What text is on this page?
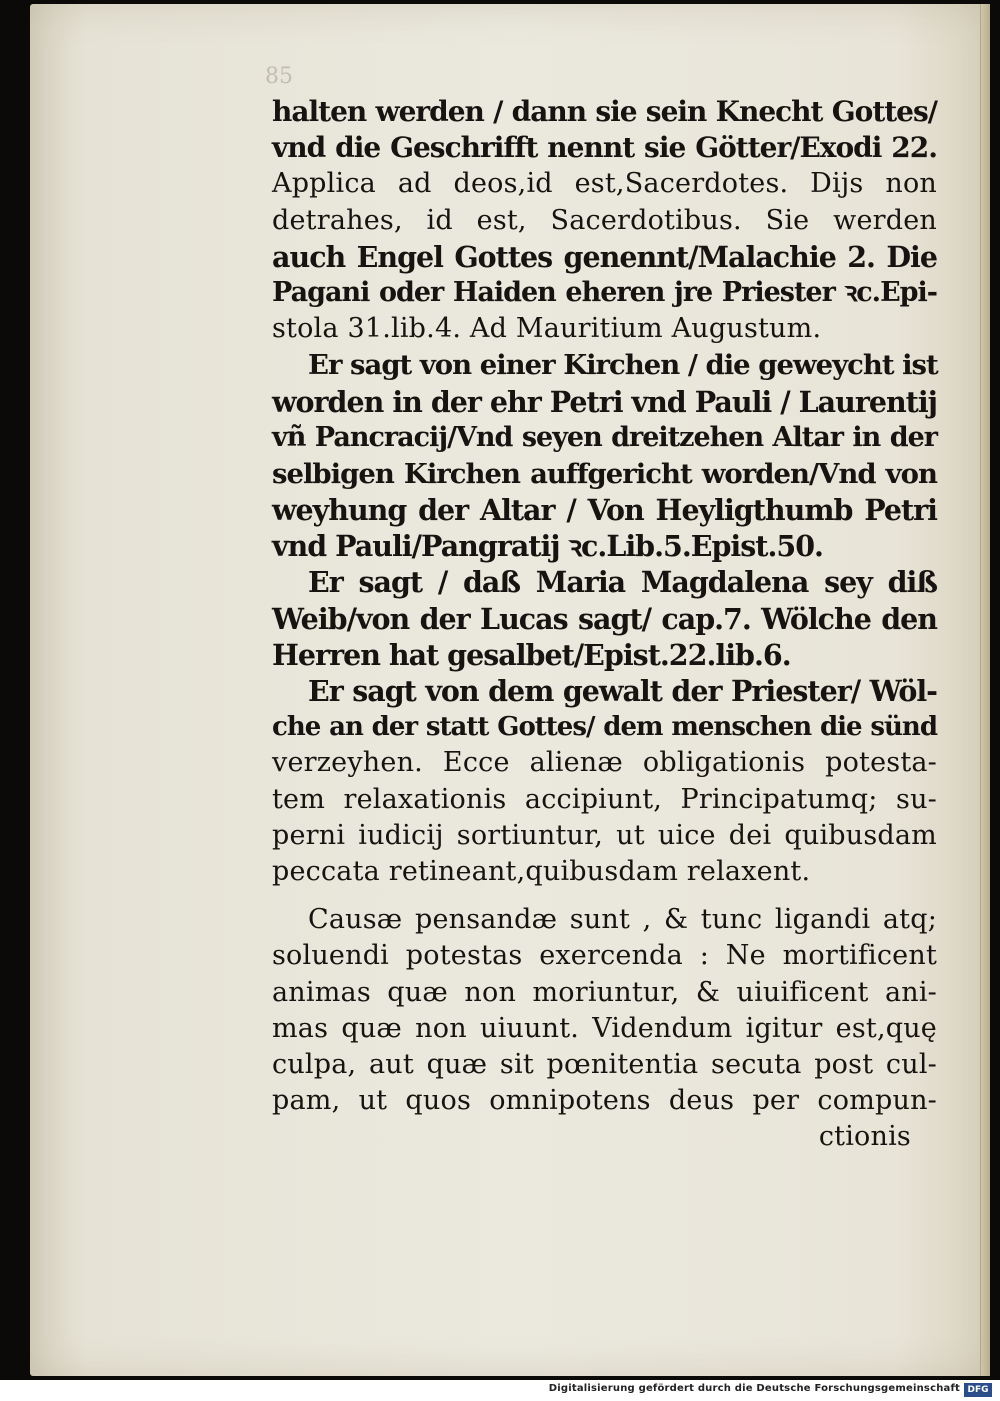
85
halten werden / dann sie sein Knecht Gottes/
vnd die Geschrifft nennt sie Götter/Exodi 22.
Applica ad deos,id est,Sacerdotes. Dijs non
detrahes, id est, Sacerdotibus. Sie werden
auch Engel Gottes genennt/Malachie 2. Die
Pagani oder Haiden eheren jre Priester ꝛc.Epi-
stola 31.lib.4. Ad Mauritium Augustum.
Er sagt von einer Kirchen / die geweycht ist
worden in der ehr Petri vnd Pauli / Laurentij
vñ Pancracij/Vnd seyen dreitzehen Altar in der
selbigen Kirchen auffgericht worden/Vnd von
weyhung der Altar / Von Heyligthumb Petri
vnd Pauli/Pangratij ꝛc.Lib.5.Epist.50.
Er sagt / daß Maria Magdalena sey diß
Weib/von der Lucas sagt/ cap.7. Wölche den
Herren hat gesalbet/Epist.22.lib.6.
Er sagt von dem gewalt der Priester/ Wöl-
che an der statt Gottes/ dem menschen die sünd
verzeyhen. Ecce alienæ obligationis potesta-
tem relaxationis accipiunt, Principatumq; su-
perni iudicij sortiuntur, ut uice dei quibusdam
peccata retineant,quibusdam relaxent.
Causæ pensandæ sunt , & tunc ligandi atq;
soluendi potestas exercenda : Ne mortificent
animas quæ non moriuntur, & uiuificent ani-
mas quæ non uiuunt. Videndum igitur est,quę
culpa, aut quæ sit pœnitentia secuta post cul-
pam, ut quos omnipotens deus per compun-
ctionis
Digitalisierung gefördert durch die Deutsche Forschungsgemeinschaft DFG
